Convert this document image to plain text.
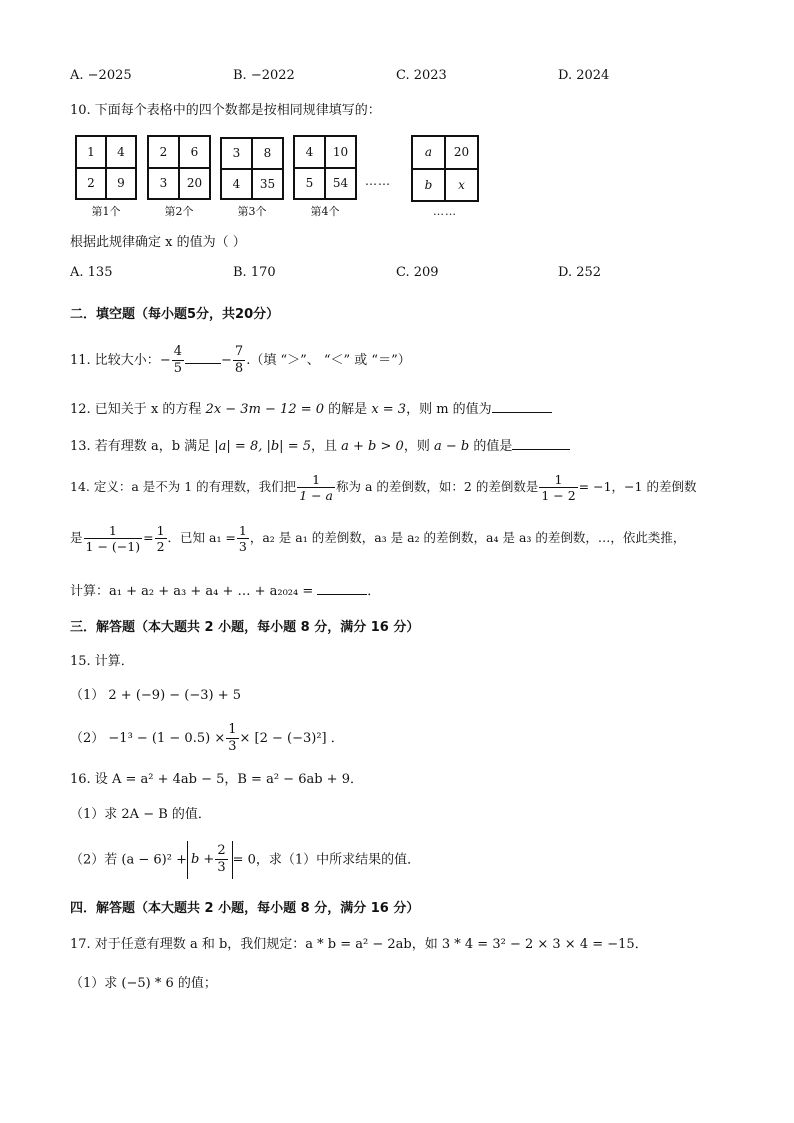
A. −2025	B. −2022	C. 2023	D. 2024
10. 下面每个表格中的四个数都是按相同规律填写的：
1	4
2	9
第1个
2	6
3	20
第2个
3	8
4	35
第3个
4	10
5	54
第4个
……
a	20
b	x
……
根据此规律确定 x 的值为（ ）
A. 135	B. 170	C. 209	D. 252
二．填空题（每小题5分，共20分）
11. 比较大小：− $\frac{4}{5}$	− $\frac{7}{8}$ .（填 “＞”、 “＜” 或 “＝”）
12. 已知关于 x 的方程 2x − 3m − 12 = 0 的解是 x = 3，则 m 的值为
13. 若有理数 a，b 满足 |a| = 8, |b| = 5，且 a + b > 0，则 a − b 的值是
14. 定义：a 是不为 1 的有理数，我们把 $\frac{1}{1 - a}$ 称为 a 的差倒数，如：2 的差倒数是 $\frac{1}{1 - 2} = -1$，−1 的差倒数
是 $\frac{1}{1 - (-1)} = \frac{1}{2}$ ．已知 $a_1 = \frac{1}{3}$ ，a₂ 是 a₁ 的差倒数，a₃ 是 a₂ 的差倒数，a₄ 是 a₃ 的差倒数，…，依此类推，
计算：a₁ + a₂ + a₃ + a₄ + … + a₂₀₂₄ =	．
三．解答题（本大题共 2 小题，每小题 8 分，满分 16 分）
15. 计算．
（1） 2 + (−9) − (−3) + 5
$(2) -1^3 - (1 - 0.5) \times \frac{1}{3} \times [2 - (-3)^2]$ ．
16. 设 A = a² + 4ab − 5，B = a² − 6ab + 9．
（1）求 2A − B 的值．
（2）若 $(a - 6)^2 + b + \frac{2}{3} = 0$，求（1）中所求结果的值．
四．解答题（本大题共 2 小题，每小题 8 分，满分 16 分）
17. 对于任意有理数 a 和 b，我们规定：a * b = a² − 2ab，如 3 * 4 = 3² − 2 × 3 × 4 = −15．
（1）求 (−5) * 6 的值；
